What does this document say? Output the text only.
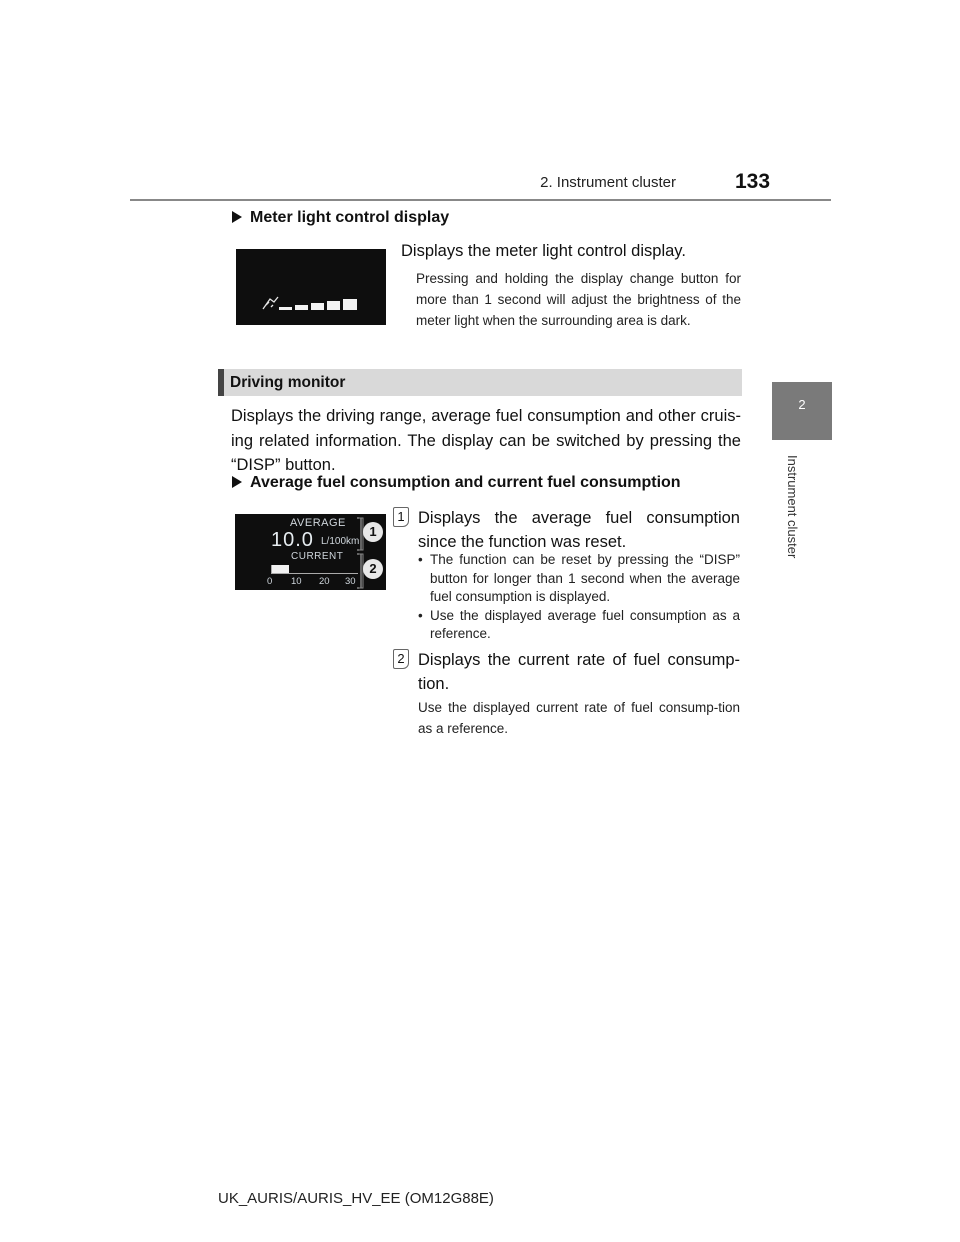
2. Instrument cluster	133
2
Instrument cluster
Meter light control display
Displays the meter light control display.
Pressing and holding the display change button for more than 1 second will adjust the brightness of the meter light when the surrounding area is dark.
Driving monitor
Displays the driving range, average fuel consumption and other cruis-ing related information. The display can be switched by pressing the “DISP” button.
Average fuel consumption and current fuel consumption
AVERAGE
10.0 L/100km
CURRENT
0 10 20 30
1
2
1 Displays the average fuel consumption since the function was reset.
• The function can be reset by pressing the “DISP” button for longer than 1 second when the average fuel consumption is displayed.
• Use the displayed average fuel consumption as a reference.
2 Displays the current rate of fuel consump-tion.
Use the displayed current rate of fuel consump-tion as a reference.
UK_AURIS/AURIS_HV_EE (OM12G88E)
